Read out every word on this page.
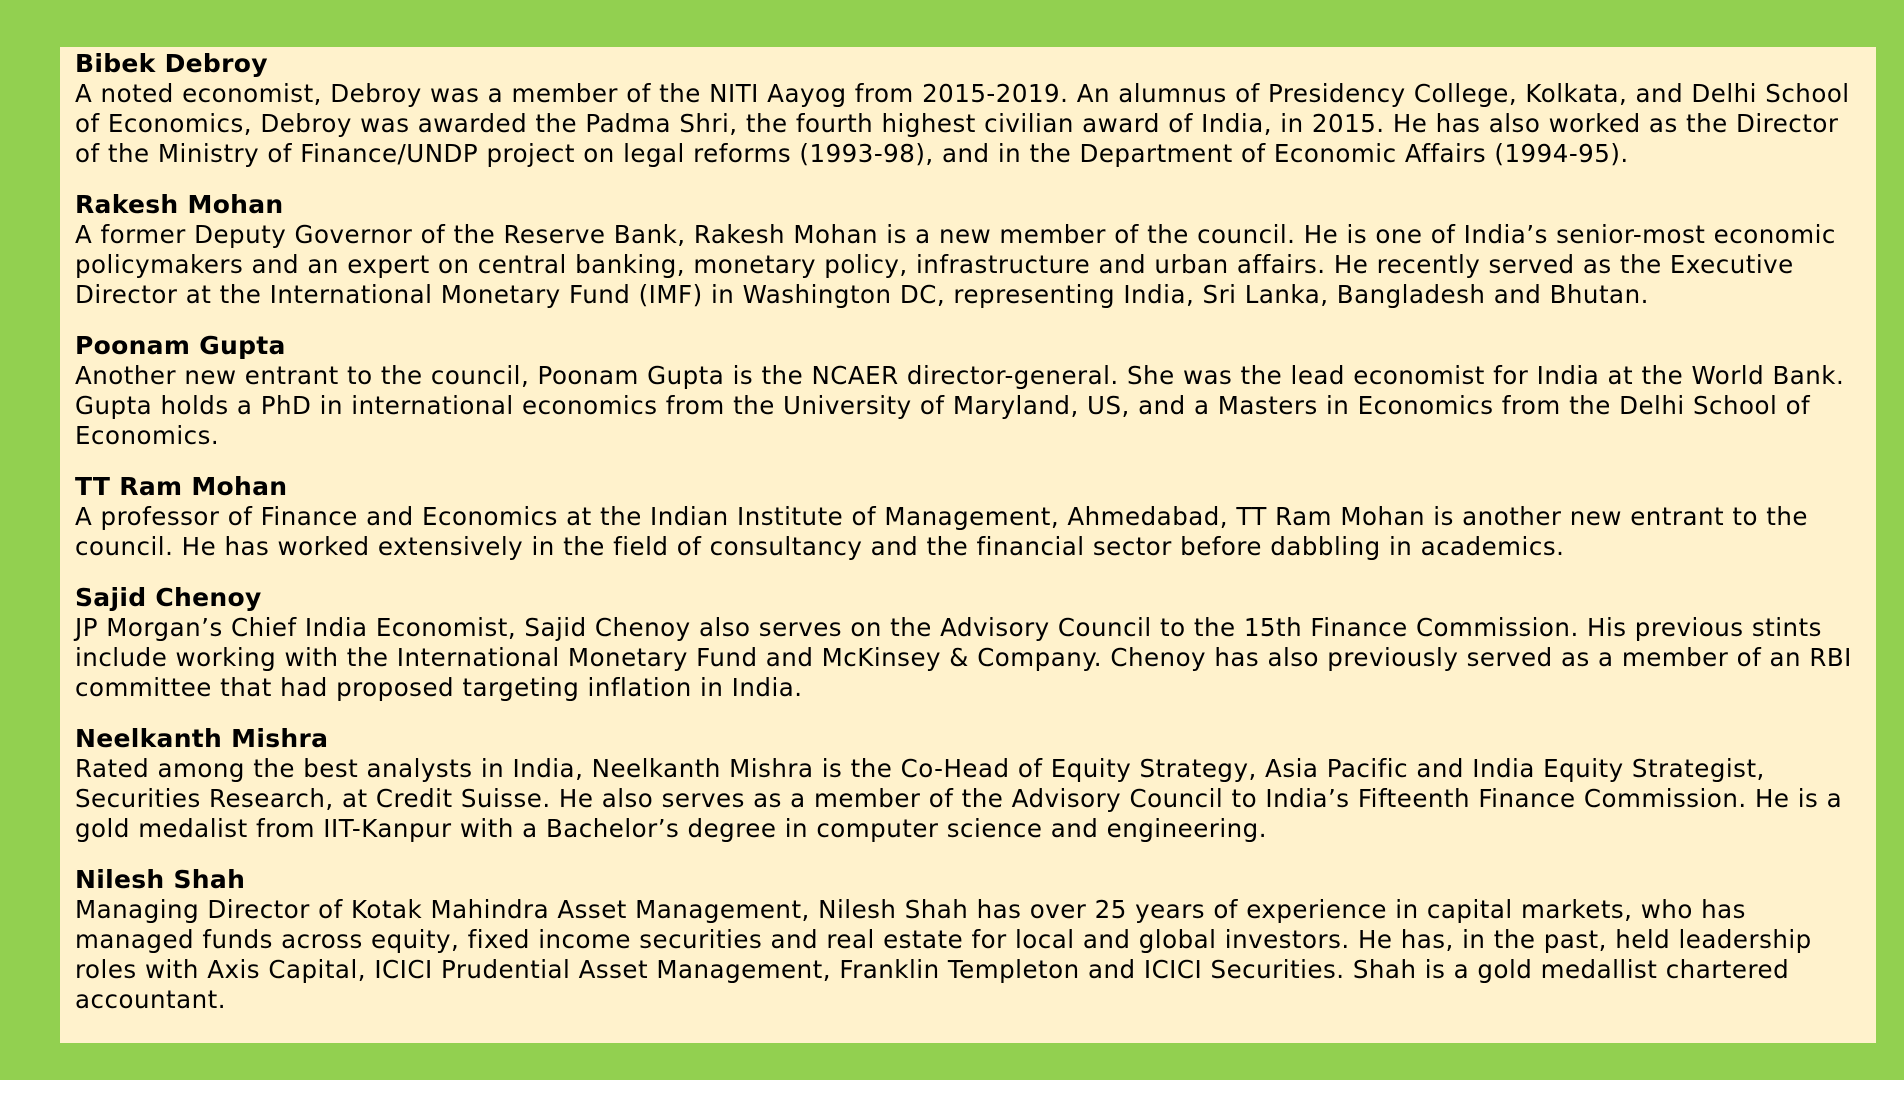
Bibek Debroy

A noted economist, Debroy was a member of the NITI Aayog from 2015-2019. An alumnus of Presidency College, Kolkata, and Delhi School of Economics, Debroy was awarded the Padma Shri, the fourth highest civilian award of India, in 2015. He has also worked as the Director of the Ministry of Finance/UNDP project on legal reforms (1993-98), and in the Department of Economic Affairs (1994-95).

Rakesh Mohan

A former Deputy Governor of the Reserve Bank, Rakesh Mohan is a new member of the council. He is one of India’s senior-most economic policymakers and an expert on central banking, monetary policy, infrastructure and urban affairs. He recently served as the Executive Director at the International Monetary Fund (IMF) in Washington DC, representing India, Sri Lanka, Bangladesh and Bhutan.

Poonam Gupta

Another new entrant to the council, Poonam Gupta is the NCAER director-general. She was the lead economist for India at the World Bank. Gupta holds a PhD in international economics from the University of Maryland, US, and a Masters in Economics from the Delhi School of Economics.

TT Ram Mohan

A professor of Finance and Economics at the Indian Institute of Management, Ahmedabad, TT Ram Mohan is another new entrant to the council. He has worked extensively in the field of consultancy and the financial sector before dabbling in academics.

Sajid Chenoy

JP Morgan’s Chief India Economist, Sajid Chenoy also serves on the Advisory Council to the 15th Finance Commission. His previous stints include working with the International Monetary Fund and McKinsey & Company. Chenoy has also previously served as a member of an RBI committee that had proposed targeting inflation in India.

Neelkanth Mishra

Rated among the best analysts in India, Neelkanth Mishra is the Co-Head of Equity Strategy, Asia Pacific and India Equity Strategist, Securities Research, at Credit Suisse. He also serves as a member of the Advisory Council to India’s Fifteenth Finance Commission. He is a gold medalist from IIT-Kanpur with a Bachelor’s degree in computer science and engineering.

Nilesh Shah

Managing Director of Kotak Mahindra Asset Management, Nilesh Shah has over 25 years of experience in capital markets, who has managed funds across equity, fixed income securities and real estate for local and global investors. He has, in the past, held leadership roles with Axis Capital, ICICI Prudential Asset Management, Franklin Templeton and ICICI Securities. Shah is a gold medallist chartered accountant.
